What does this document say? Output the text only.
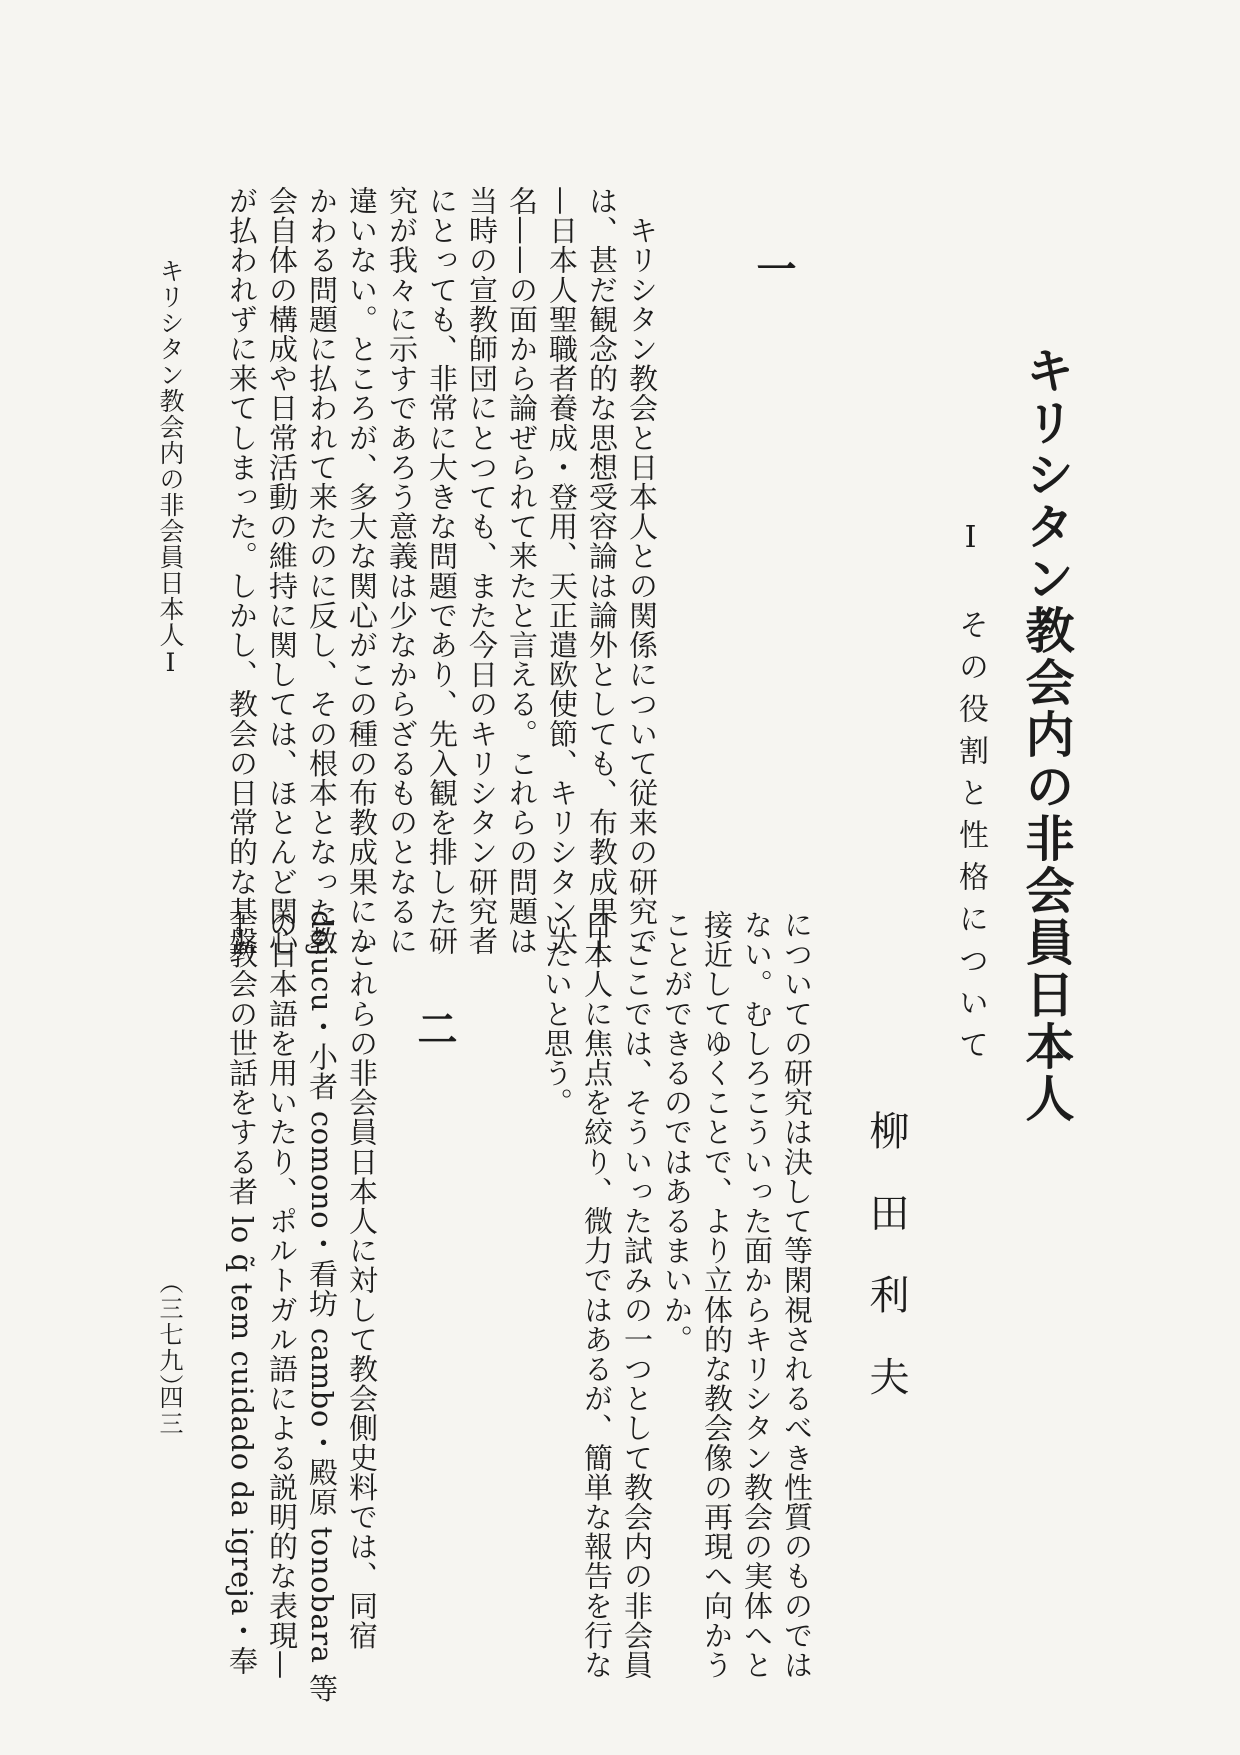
キリシタン教会内の非会員日本人
Ⅰ　その役割と性格について
柳田利夫
一
　キリシタン教会と日本人との関係について従来の研究で
は、甚だ観念的な思想受容論は論外としても、布教成果—
—日本人聖職者養成・登用、天正遣欧使節、キリシタン大
名——の面から論ぜられて来たと言える。これらの問題は
当時の宣教師団にとつても、また今日のキリシタン研究者
にとっても、非常に大きな問題であり、先入観を排した研
究が我々に示すであろう意義は少なからざるものとなるに
違いない。ところが、多大な関心がこの種の布教成果にか
かわる問題に払われて来たのに反し、その根本となった教
会自体の構成や日常活動の維持に関しては、ほとんど関心
が払われずに来てしまった。しかし、教会の日常的な基盤
についての研究は決して等閑視されるべき性質のものでは
ない。むしろこういった面からキリシタン教会の実体へと
接近してゆくことで、より立体的な教会像の再現へ向かう
ことができるのではあるまいか。
　ここでは、そういった試みの一つとして教会内の非会員
日本人に焦点を絞り、微力ではあるが、簡単な報告を行な
いたいと思う。
二
　これらの非会員日本人に対して教会側史料では、同宿
dojucu・小者 comono・看坊 cambo・殿原 tonobara 等
の日本語を用いたり、ポルトガル語による説明的な表現—
—教会の世話をする者 lo q̃ tem cuidado da igreja・奉
キリシタン教会内の非会員日本人Ⅰ
（三七九）
四三
